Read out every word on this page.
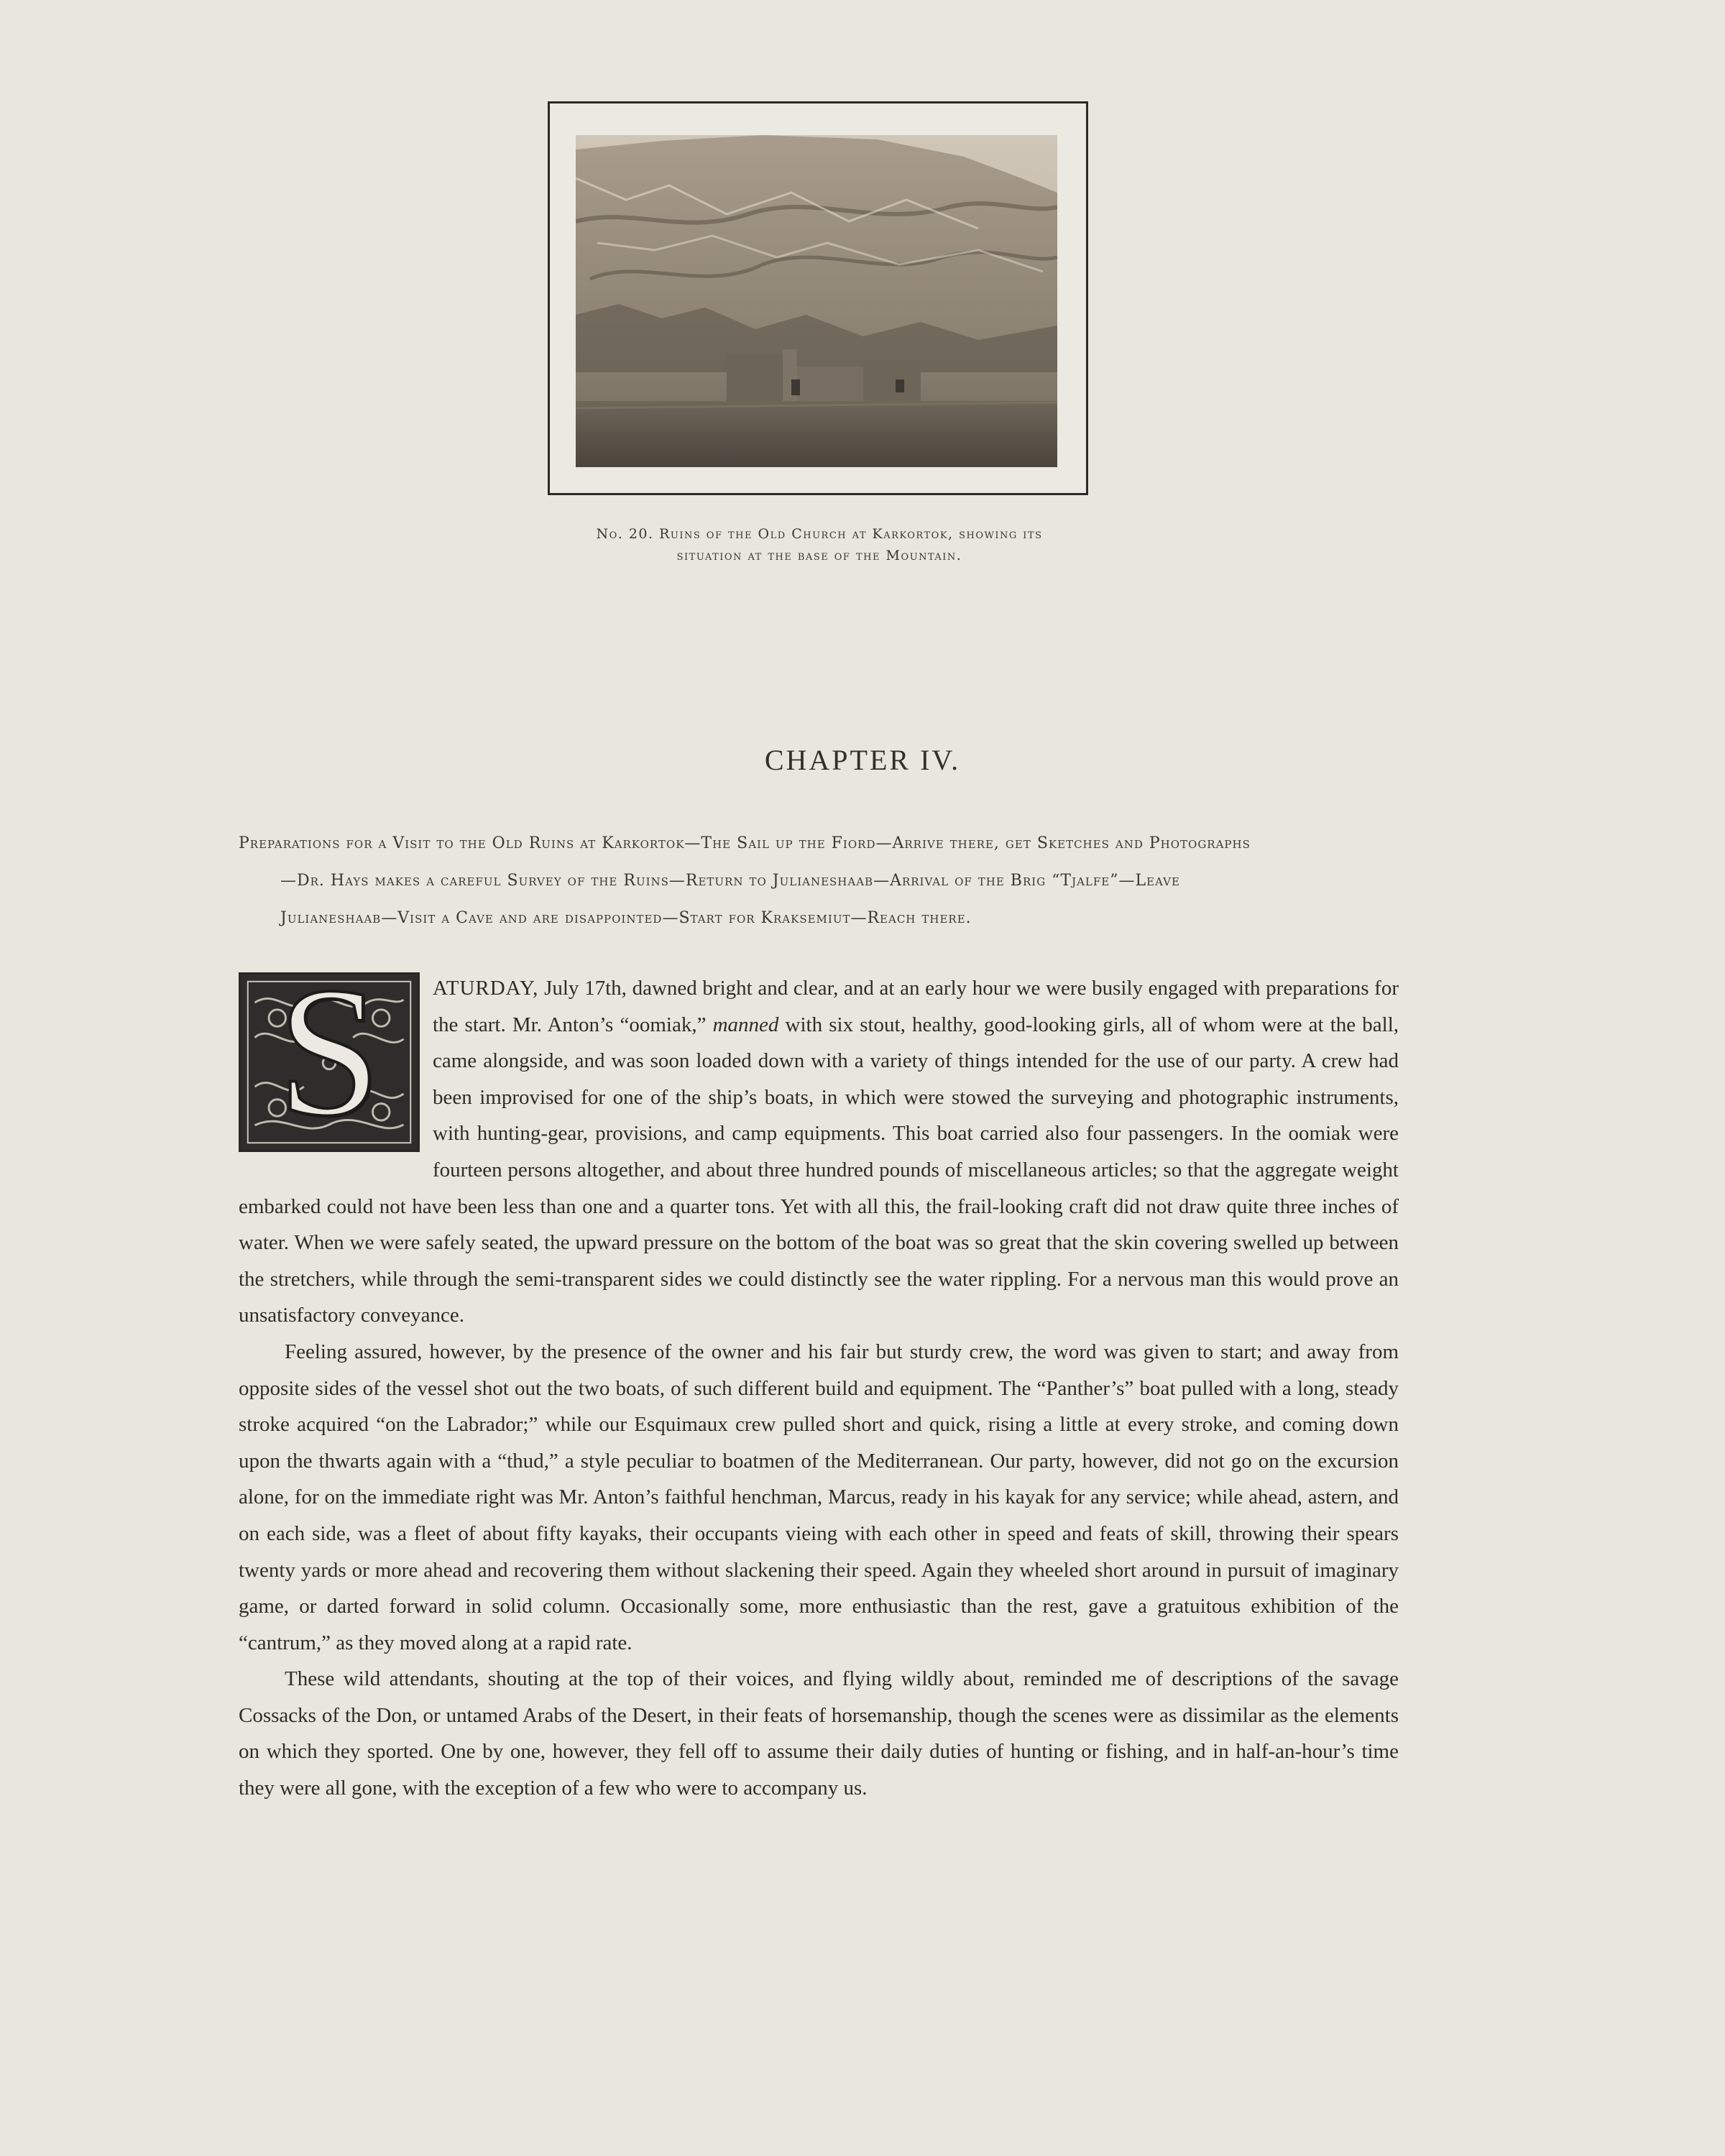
No. 20. Ruins of the Old Church at Karkortok, showing its
situation at the base of the Mountain.
CHAPTER IV.
Preparations for a Visit to the Old Ruins at Karkortok—The Sail up the Fiord—Arrive there, get Sketches and Photographs
—Dr. Hays makes a careful Survey of the Ruins—Return to Julianeshaab—Arrival of the Brig “Tjalfe”—Leave
Julianeshaab—Visit a Cave and are disappointed—Start for Kraksemiut—Reach there.

S	ATURDAY, July 17th, dawned bright and clear, and at an early hour we were busily engaged with preparations for the start. Mr. Anton’s “oomiak,” manned with six stout, healthy, good-looking girls, all of whom were at the ball, came alongside, and was soon loaded down with a variety of things intended for the use of our party. A crew had been improvised for one of the ship’s boats, in which were stowed the surveying and photographic instruments, with hunting-gear, provisions, and camp equipments. This boat carried also four passengers. In the oomiak were fourteen persons altogether, and about three hundred pounds of miscellaneous articles; so that the aggregate weight embarked could not have been less than one and a quarter tons. Yet with all this, the frail-looking craft did not draw quite three inches of water. When we were safely seated, the upward pressure on the bottom of the boat was so great that the skin covering swelled up between the stretchers, while through the semi-transparent sides we could distinctly see the water rippling. For a nervous man this would prove an unsatisfactory conveyance.

Feeling assured, however, by the presence of the owner and his fair but sturdy crew, the word was given to start; and away from opposite sides of the vessel shot out the two boats, of such different build and equipment. The “Panther’s” boat pulled with a long, steady stroke acquired “on the Labrador;” while our Esquimaux crew pulled short and quick, rising a little at every stroke, and coming down upon the thwarts again with a “thud,” a style peculiar to boatmen of the Mediterranean. Our party, however, did not go on the excursion alone, for on the immediate right was Mr. Anton’s faithful henchman, Marcus, ready in his kayak for any service; while ahead, astern, and on each side, was a fleet of about fifty kayaks, their occupants vieing with each other in speed and feats of skill, throwing their spears twenty yards or more ahead and recovering them without slackening their speed. Again they wheeled short around in pursuit of imaginary game, or darted forward in solid column. Occasionally some, more enthusiastic than the rest, gave a gratuitous exhibition of the “cantrum,” as they moved along at a rapid rate.

These wild attendants, shouting at the top of their voices, and flying wildly about, reminded me of descriptions of the savage Cossacks of the Don, or untamed Arabs of the Desert, in their feats of horsemanship, though the scenes were as dissimilar as the elements on which they sported. One by one, however, they fell off to assume their daily duties of hunting or fishing, and in half-an-hour’s time they were all gone, with the exception of a few who were to accompany us.
